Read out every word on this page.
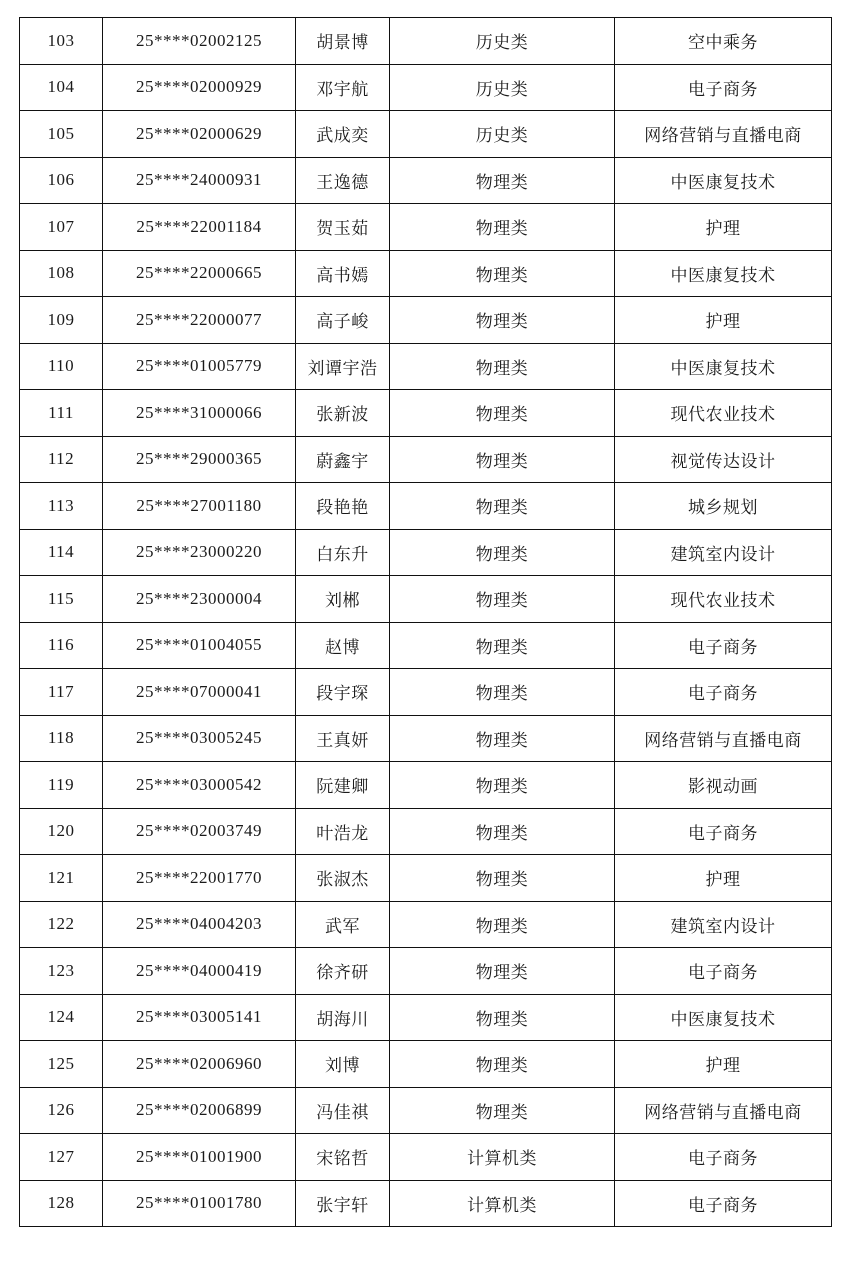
103	25****02002125	胡景博	历史类	空中乘务
104	25****02000929	邓宇航	历史类	电子商务
105	25****02000629	武成奕	历史类	网络营销与直播电商
106	25****24000931	王逸德	物理类	中医康复技术
107	25****22001184	贺玉茹	物理类	护理
108	25****22000665	高书嫣	物理类	中医康复技术
109	25****22000077	高子峻	物理类	护理
110	25****01005779	刘谭宇浩	物理类	中医康复技术
111	25****31000066	张新波	物理类	现代农业技术
112	25****29000365	蔚鑫宇	物理类	视觉传达设计
113	25****27001180	段艳艳	物理类	城乡规划
114	25****23000220	白东升	物理类	建筑室内设计
115	25****23000004	刘郴	物理类	现代农业技术
116	25****01004055	赵博	物理类	电子商务
117	25****07000041	段宇琛	物理类	电子商务
118	25****03005245	王真妍	物理类	网络营销与直播电商
119	25****03000542	阮建卿	物理类	影视动画
120	25****02003749	叶浩龙	物理类	电子商务
121	25****22001770	张淑杰	物理类	护理
122	25****04004203	武军	物理类	建筑室内设计
123	25****04000419	徐齐研	物理类	电子商务
124	25****03005141	胡海川	物理类	中医康复技术
125	25****02006960	刘博	物理类	护理
126	25****02006899	冯佳祺	物理类	网络营销与直播电商
127	25****01001900	宋铭哲	计算机类	电子商务
128	25****01001780	张宇轩	计算机类	电子商务
